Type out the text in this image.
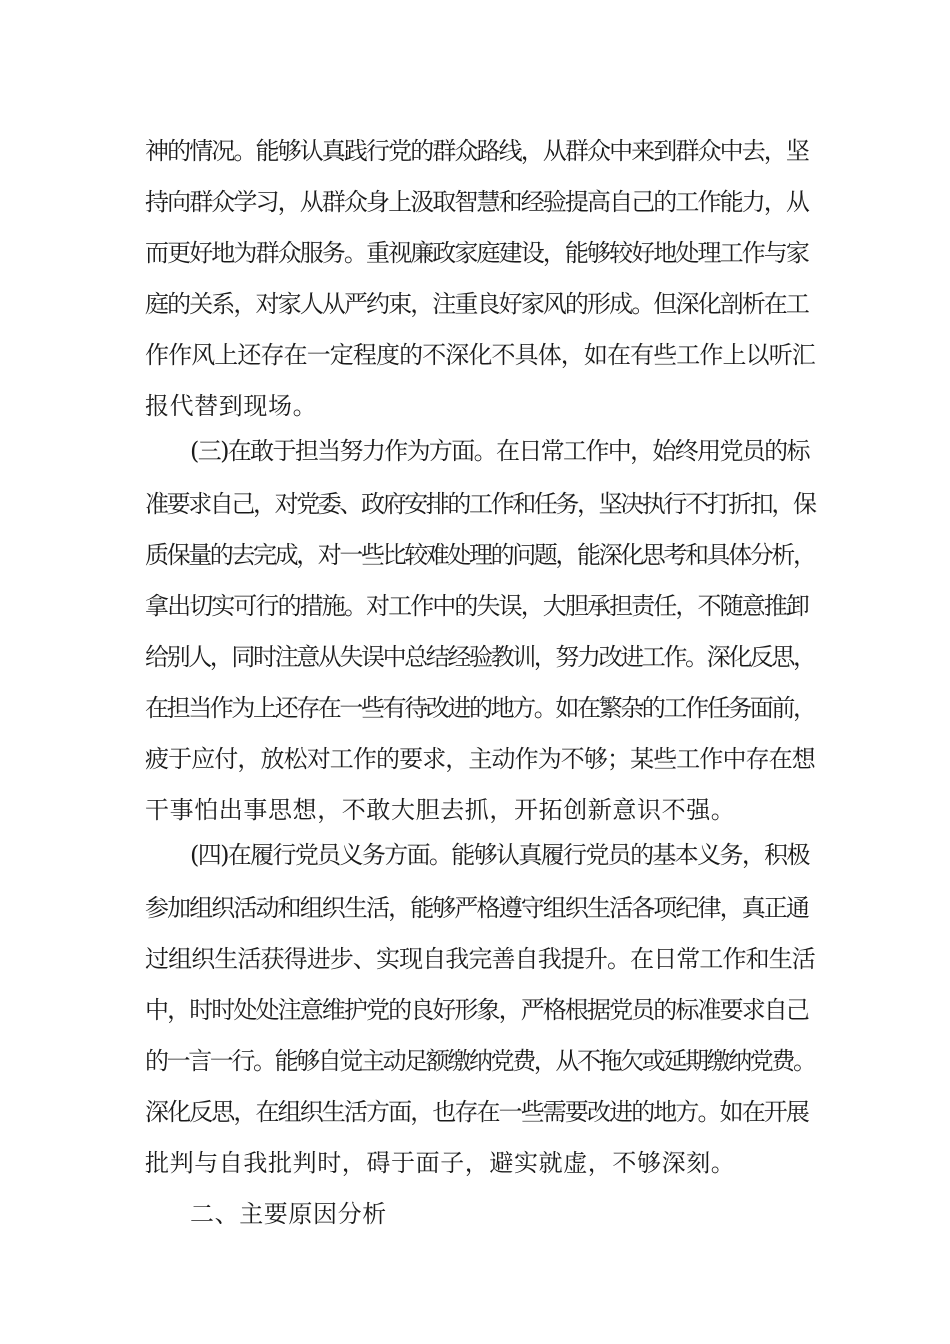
神的情况。能够认真践行党的群众路线，从群众中来到群众中去，坚
持向群众学习，从群众身上汲取智慧和经验提高自己的工作能力，从
而更好地为群众服务。重视廉政家庭建设，能够较好地处理工作与家
庭的关系，对家人从严约束，注重良好家风的形成。但深化剖析在工
作作风上还存在一定程度的不深化不具体，如在有些工作上以听汇
报代替到现场。
(三)在敢于担当努力作为方面。在日常工作中，始终用党员的标
准要求自己，对党委、政府安排的工作和任务，坚决执行不打折扣，保
质保量的去完成，对一些比较难处理的问题，能深化思考和具体分析，
拿出切实可行的措施。对工作中的失误，大胆承担责任，不随意推卸
给别人，同时注意从失误中总结经验教训，努力改进工作。深化反思，
在担当作为上还存在一些有待改进的地方。如在繁杂的工作任务面前，
疲于应付，放松对工作的要求，主动作为不够；某些工作中存在想
干事怕出事思想，不敢大胆去抓，开拓创新意识不强。
(四)在履行党员义务方面。能够认真履行党员的基本义务，积极
参加组织活动和组织生活，能够严格遵守组织生活各项纪律，真正通
过组织生活获得进步、实现自我完善自我提升。在日常工作和生活
中，时时处处注意维护党的良好形象，严格根据党员的标准要求自己
的一言一行。能够自觉主动足额缴纳党费，从不拖欠或延期缴纳党费。
深化反思，在组织生活方面，也存在一些需要改进的地方。如在开展
批判与自我批判时，碍于面子，避实就虚，不够深刻。
二、主要原因分析
